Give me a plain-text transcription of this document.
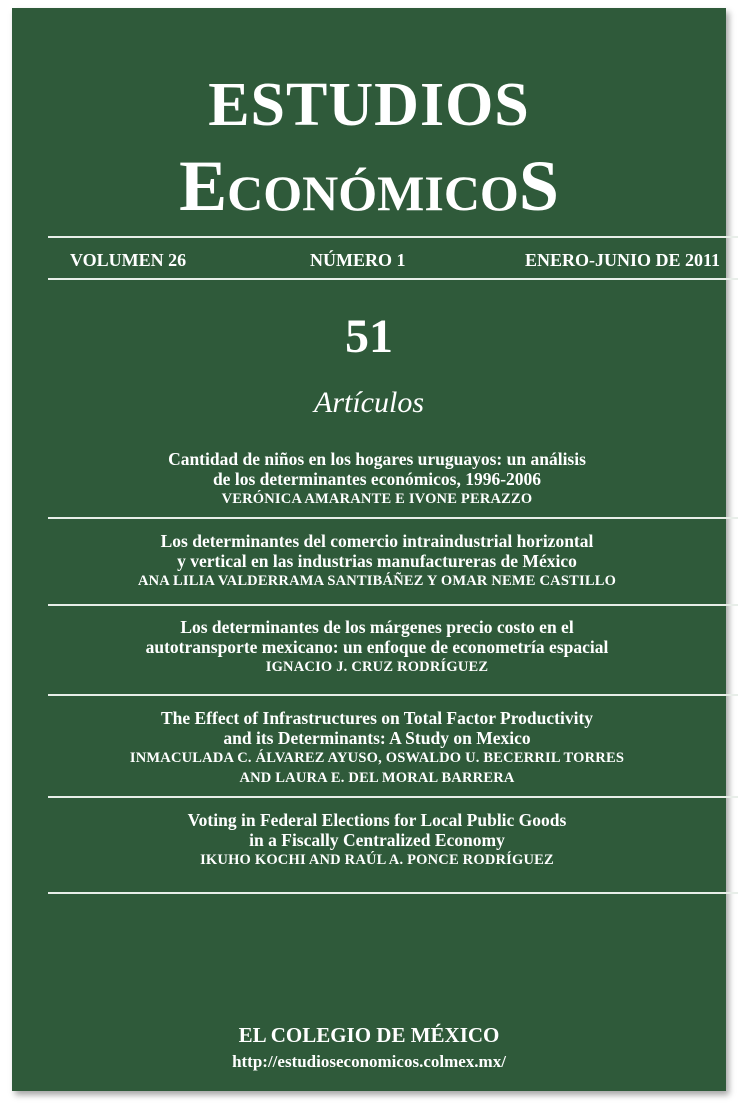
ESTUDIOS
EconómicoS
VOLUMEN 26	NÚMERO 1	ENERO-JUNIO DE 2011
51
Artículos
Cantidad de niños en los hogares uruguayos: un análisis
de los determinantes económicos, 1996-2006
VERÓNICA AMARANTE E IVONE PERAZZO
Los determinantes del comercio intraindustrial horizontal
y vertical en las industrias manufactureras de México
ANA LILIA VALDERRAMA SANTIBÁÑEZ Y OMAR NEME CASTILLO
Los determinantes de los márgenes precio costo en el
autotransporte mexicano: un enfoque de econometría espacial
IGNACIO J. CRUZ RODRÍGUEZ
The Effect of Infrastructures on Total Factor Productivity
and its Determinants: A Study on Mexico
INMACULADA C. ÁLVAREZ AYUSO, OSWALDO U. BECERRIL TORRES
AND LAURA E. DEL MORAL BARRERA
Voting in Federal Elections for Local Public Goods
in a Fiscally Centralized Economy
IKUHO KOCHI AND RAÚL A. PONCE RODRÍGUEZ
EL COLEGIO DE MÉXICO
http://estudioseconomicos.colmex.mx/
